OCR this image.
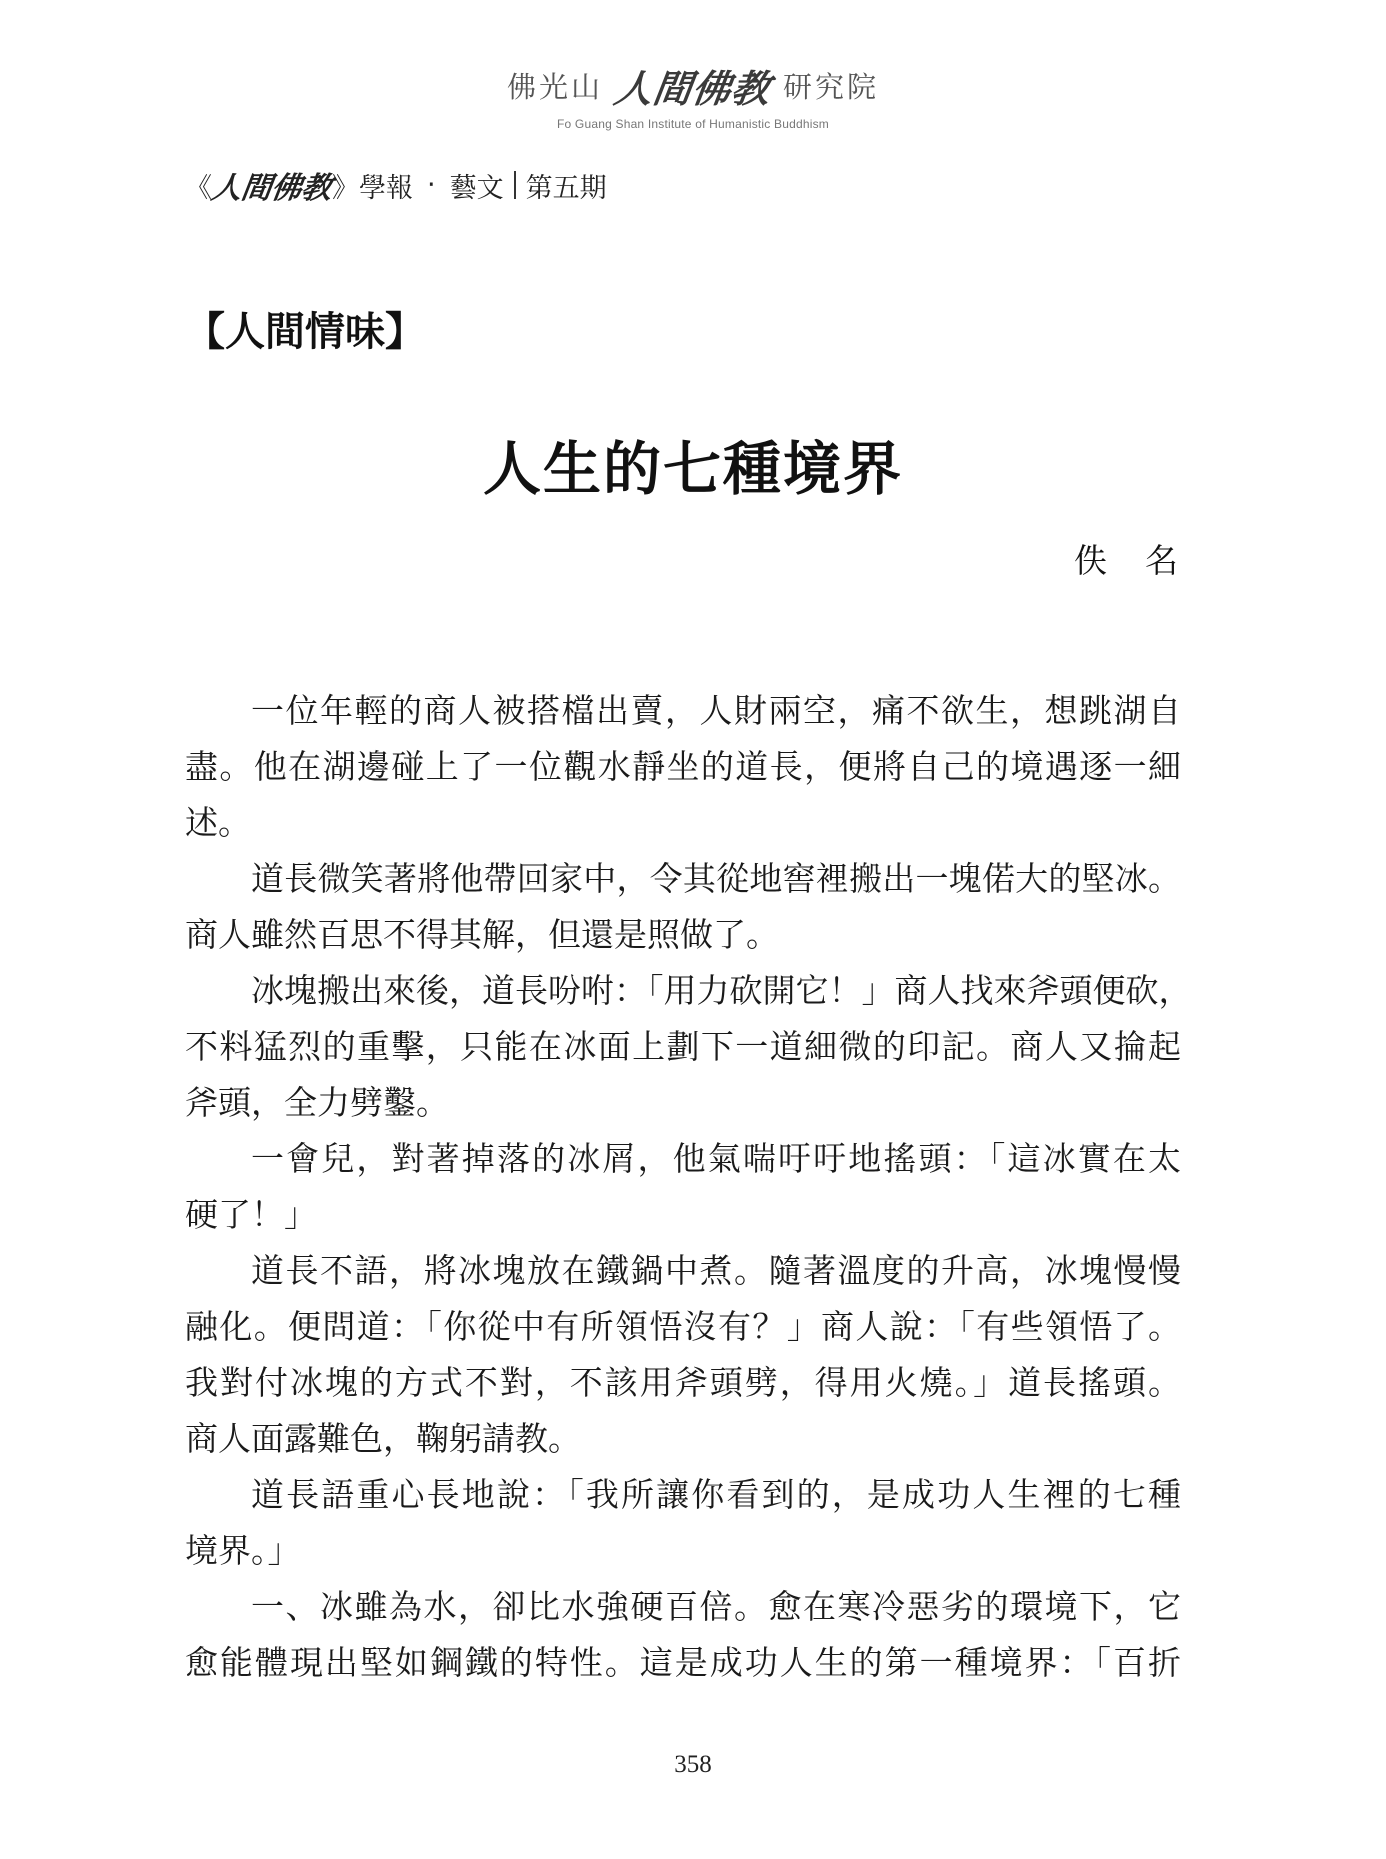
佛光山 人間佛教 研究院
Fo Guang Shan Institute of Humanistic Buddhism
《
人間佛教
》 學報 ‧ 藝文 第五期
【人間情味】
人生的七種境界
佚名
一位年輕的商人被搭檔出賣，人財兩空，痛不欲生，想跳湖自
盡。他在湖邊碰上了一位觀水靜坐的道長，便將自己的境遇逐一細
述。
道長微笑著將他帶回家中，令其從地窖裡搬出一塊偌大的堅冰。
商人雖然百思不得其解，但還是照做了。
冰塊搬出來後，道長吩咐：「用力砍開它！」商人找來斧頭便砍，
不料猛烈的重擊，只能在冰面上劃下一道細微的印記。商人又掄起
斧頭，全力劈鑿。
一會兒，對著掉落的冰屑，他氣喘吁吁地搖頭：「這冰實在太
硬了！」
道長不語，將冰塊放在鐵鍋中煮。隨著溫度的升高，冰塊慢慢
融化。便問道：「你從中有所領悟沒有？」商人說：「有些領悟了。
我對付冰塊的方式不對，不該用斧頭劈，得用火燒。」道長搖頭。
商人面露難色，鞠躬請教。
道長語重心長地說：「我所讓你看到的，是成功人生裡的七種
境界。」
一、冰雖為水，卻比水強硬百倍。愈在寒冷惡劣的環境下，它
愈能體現出堅如鋼鐵的特性。這是成功人生的第一種境界：「百折
358
